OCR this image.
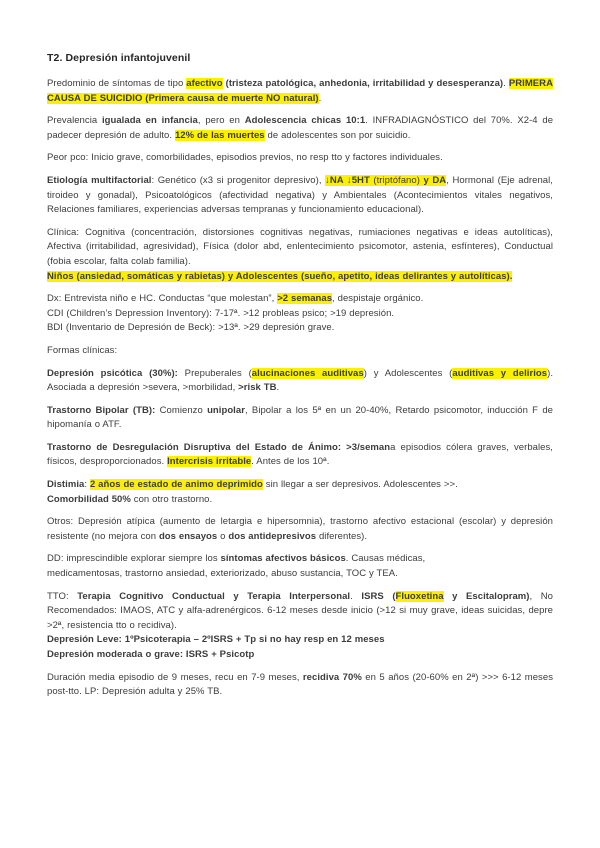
T2. Depresión infantojuvenil

Predominio de síntomas de tipo afectivo (tristeza patológica, anhedonia, irritabilidad y desesperanza). PRIMERA CAUSA DE SUICIDIO (Primera causa de muerte NO natural).

Prevalencia igualada en infancia, pero en Adolescencia chicas 10:1. INFRADIAGNÓSTICO del 70%. X2-4 de padecer depresión de adulto. 12% de las muertes de adolescentes son por suicidio.

Peor pco: Inicio grave, comorbilidades, episodios previos, no resp tto y factores individuales.

Etiología multifactorial: Genético (x3 si progenitor depresivo), ↓NA ↓5HT (triptófano) y DA, Hormonal (Eje adrenal, tiroideo y gonadal), Psicoatológicos (afectividad negativa) y Ambientales (Acontecimientos vitales negativos, Relaciones familiares, experiencias adversas tempranas y funcionamiento educacional).

Clínica: Cognitiva (concentración, distorsiones cognitivas negativas, rumiaciones negativas e ideas autolíticas), Afectiva (irritabilidad, agresividad), Física (dolor abd, enlentecimiento psicomotor, astenia, esfínteres), Conductual (fobia escolar, falta colab familia).
Niños (ansiedad, somáticas y rabietas) y Adolescentes (sueño, apetito, ideas delirantes y autolíticas).

Dx: Entrevista niño e HC. Conductas “que molestan”, >2 semanas, despistaje orgánico.
CDI (Children’s Depression Inventory): 7-17ª. >12 probleas psico; >19 depresión.
BDI (Inventario de Depresión de Beck): >13ª. >29 depresión grave.

Formas clínicas:

Depresión psicótica (30%): Prepuberales (alucinaciones auditivas) y Adolescentes (auditivas y delirios). Asociada a depresión >severa, >morbilidad, >risk TB.

Trastorno Bipolar (TB): Comienzo unipolar, Bipolar a los 5ª en un 20-40%, Retardo psicomotor, inducción F de hipomanía o ATF.

Trastorno de Desregulación Disruptiva del Estado de Ánimo: >3/semana episodios cólera graves, verbales, físicos, desproporcionados. Intercrisis irritable. Antes de los 10ª.

Distimia: 2 años de estado de animo deprimido sin llegar a ser depresivos. Adolescentes >>.
Comorbilidad 50% con otro trastorno.

Otros: Depresión atípica (aumento de letargia e hipersomnia), trastorno afectivo estacional (escolar) y depresión resistente (no mejora con dos ensayos o dos antidepresivos diferentes).

DD: imprescindible explorar siempre los síntomas afectivos básicos. Causas médicas,
medicamentosas, trastorno ansiedad, exteriorizado, abuso sustancia, TOC y TEA.

TTO: Terapia Cognitivo Conductual y Terapia Interpersonal. ISRS (Fluoxetina y Escitalopram), No Recomendados: IMAOS, ATC y alfa-adrenérgicos. 6-12 meses desde inicio (>12 si muy grave, ideas suicidas, depre >2ª, resistencia tto o recidiva).
Depresión Leve: 1ºPsicoterapia – 2ºISRS + Tp si no hay resp en 12 meses
Depresión moderada o grave: ISRS + Psicotp

Duración media episodio de 9 meses, recu en 7-9 meses, recidiva 70% en 5 años (20-60% en 2ª) >>> 6-12 meses post-tto. LP: Depresión adulta y 25% TB.
